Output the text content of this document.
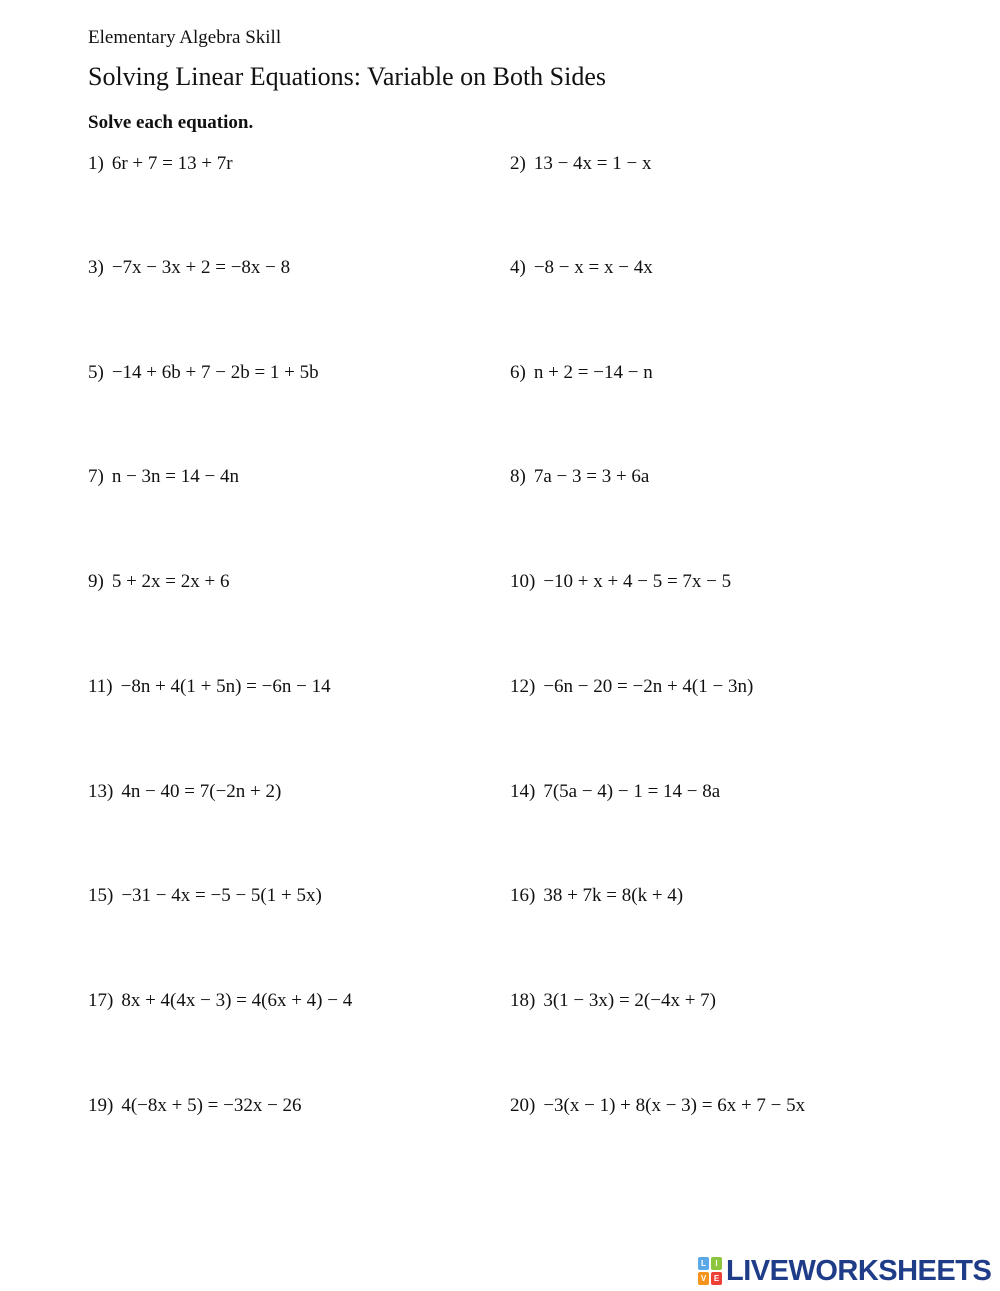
Elementary Algebra Skill
Solving Linear Equations: Variable on Both Sides
Solve each equation.
1) 6r + 7 = 13 + 7r	2) 13 − 4x = 1 − x
3) −7x − 3x + 2 = −8x − 8	4) −8 − x = x − 4x
5) −14 + 6b + 7 − 2b = 1 + 5b	6) n + 2 = −14 − n
7) n − 3n = 14 − 4n	8) 7a − 3 = 3 + 6a
9) 5 + 2x = 2x + 6	10) −10 + x + 4 − 5 = 7x − 5
11) −8n + 4(1 + 5n) = −6n − 14	12) −6n − 20 = −2n + 4(1 − 3n)
13) 4n − 40 = 7(−2n + 2)	14) 7(5a − 4) − 1 = 14 − 8a
15) −31 − 4x = −5 − 5(1 + 5x)	16) 38 + 7k = 8(k + 4)
17) 8x + 4(4x − 3) = 4(6x + 4) − 4	18) 3(1 − 3x) = 2(−4x + 7)
19) 4(−8x + 5) = −32x − 26	20) −3(x − 1) + 8(x − 3) = 6x + 7 − 5x
L	I
V E LIVEWORKSHEETS
